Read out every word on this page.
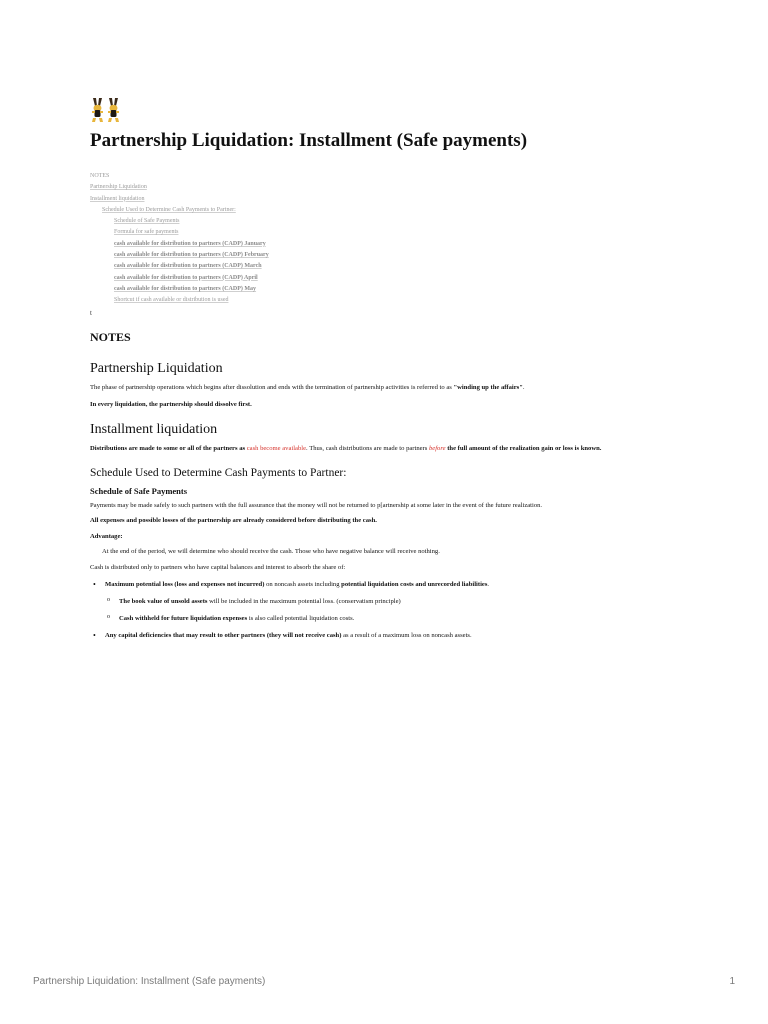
Partnership Liquidation: Installment (Safe payments)
NOTES
Partnership Liquidation
Installment liquidation
Schedule Used to Determine Cash Payments to Partner:
Schedule of Safe Payments
Formula for safe payments
cash available for distribution to partners (CADP) January
cash available for distribution to partners (CADP) February
cash available for distribution to partners (CADP) March
cash available for distribution to partners (CADP) April
cash available for distribution to partners (CADP) May
Shortcut if cash available or distribution is used
t
NOTES
Partnership Liquidation

The phase of partnership operations which begins after dissolution and ends with the termination of partnership activities is referred to as "winding up the affairs".

In every liquidation, the partnership should dissolve first.

Installment liquidation

Distributions are made to some or all of the partners as cash become available. Thus, cash distributions are made to partners before the full amount of the realization gain or loss is known.

Schedule Used to Determine Cash Payments to Partner:
Schedule of Safe Payments

Payments may be made safely to such partners with the full assurance that the money will not be returned to p[artnership at some later in the event of the future realization.

All expenses and possible losses of the partnership are already considered before distributing the cash.

Advantage:

At the end of the period, we will determine who should receive the cash. Those who have negative balance will receive nothing.

Cash is distributed only to partners who have capital balances and interest to absorb the share of:

• Maximum potential loss (loss and expenses not incurred) on noncash assets including potential liquidation costs and unrecorded liabilities.
o The book value of unsold assets will be included in the maximum potential loss. (conservatism principle)
o Cash withheld for future liquidation expenses is also called potential liquidation costs.
• Any capital deficiencies that may result to other partners (they will not receive cash) as a result of a maximum loss on noncash assets.
Partnership Liquidation: Installment (Safe payments)	1
